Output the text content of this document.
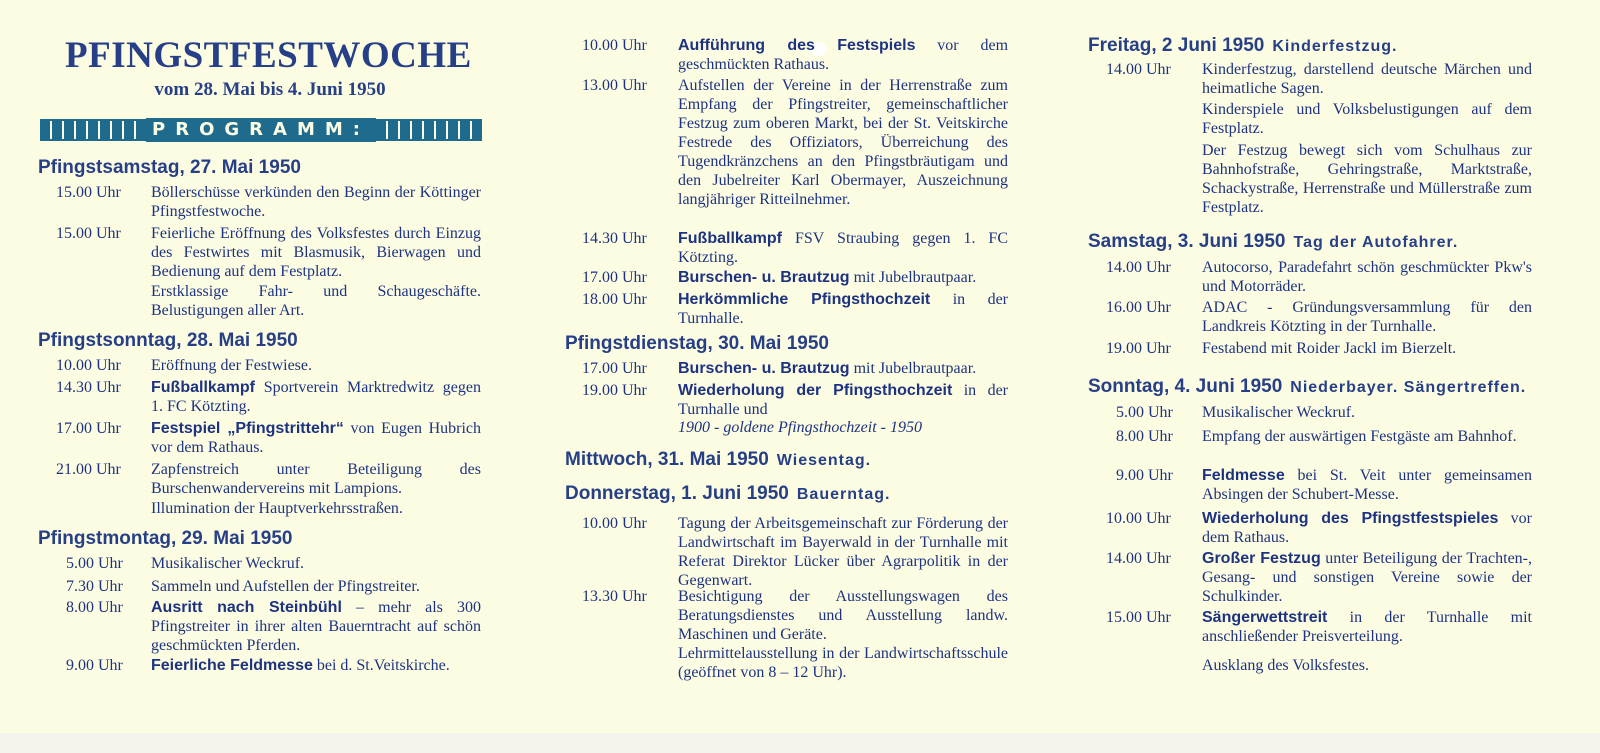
PFINGSTFESTWOCHE
vom 28. Mai bis 4. Juni 1950
PROGRAMM:
Pfingstsamstag, 27. Mai 1950
15.00 Uhr Böllerschüsse verkünden den Beginn der Köttinger Pfingstfestwoche.
15.00 Uhr Feierliche Eröffnung des Volksfestes durch Einzug des Festwirtes mit Blasmusik, Bierwagen und Bedienung auf dem Festplatz.
Erstklassige Fahr- und Schaugeschäfte. Belustigungen aller Art.
Pfingstsonntag, 28. Mai 1950
10.00 Uhr Eröffnung der Festwiese.
14.30 Uhr Fußballkampf Sportverein Marktredwitz gegen 1. FC Kötzting.
17.00 Uhr Festspiel „Pfingstrittehr“ von Eugen Hubrich vor dem Rathaus.
21.00 Uhr Zapfenstreich unter Beteiligung des Burschenwandervereins mit Lampions.
Illumination der Hauptverkehrsstraßen.
Pfingstmontag, 29. Mai 1950
5.00 Uhr Musikalischer Weckruf.
7.30 Uhr Sammeln und Aufstellen der Pfingstreiter.
8.00 Uhr Ausritt nach Steinbühl – mehr als 300 Pfingstreiter in ihrer alten Bauerntracht auf schön geschmückten Pferden.
9.00 Uhr Feierliche Feldmesse bei d. St.Veitskirche.
10.00 Uhr Aufführung des Festspiels vor dem geschmückten Rathaus.
13.00 Uhr Aufstellen der Vereine in der Herrenstraße zum Empfang der Pfingstreiter, gemeinschaftlicher Festzug zum oberen Markt, bei der St. Veitskirche Festrede des Offiziators, Überreichung des Tugendkränzchens an den Pfingstbräutigam und den Jubelreiter Karl Obermayer, Auszeichnung langjähriger Ritteilnehmer.
14.30 Uhr Fußballkampf FSV Straubing gegen 1. FC Kötzting.
17.00 Uhr Burschen- u. Brautzug mit Jubelbrautpaar.
18.00 Uhr Herkömmliche Pfingsthochzeit in der Turnhalle.
Pfingstdienstag, 30. Mai 1950
17.00 Uhr Burschen- u. Brautzug mit Jubelbrautpaar.
19.00 Uhr Wiederholung der Pfingsthochzeit in der Turnhalle und
1900 - goldene Pfingsthochzeit - 1950
Mittwoch, 31. Mai 1950 Wiesentag.
Donnerstag, 1. Juni 1950 Bauerntag.
10.00 Uhr Tagung der Arbeitsgemeinschaft zur Förderung der Landwirtschaft im Bayerwald in der Turnhalle mit Referat Direktor Lücker über Agrarpolitik in der Gegenwart.
13.30 Uhr Besichtigung der Ausstellungswagen des Beratungsdienstes und Ausstellung landw. Maschinen und Geräte.
Lehrmittelausstellung in der Landwirtschaftsschule (geöffnet von 8 – 12 Uhr).
Freitag, 2 Juni 1950 Kinderfestzug.
14.00 Uhr Kinderfestzug, darstellend deutsche Märchen und heimatliche Sagen.
Kinderspiele und Volksbelustigungen auf dem Festplatz.
Der Festzug bewegt sich vom Schulhaus zur Bahnhofstraße, Gehringstraße, Marktstraße, Schackystraße, Herrenstraße und Müllerstraße zum Festplatz.
Samstag, 3. Juni 1950 Tag der Autofahrer.
14.00 Uhr Autocorso, Paradefahrt schön geschmückter Pkw's und Motorräder.
16.00 Uhr ADAC - Gründungsversammlung für den Landkreis Kötzting in der Turnhalle.
19.00 Uhr Festabend mit Roider Jackl im Bierzelt.
Sonntag, 4. Juni 1950 Niederbayer. Sängertreffen.
5.00 Uhr Musikalischer Weckruf.
8.00 Uhr Empfang der auswärtigen Festgäste am Bahnhof.
9.00 Uhr Feldmesse bei St. Veit unter gemeinsamen Absingen der Schubert-Messe.
10.00 Uhr Wiederholung des Pfingstfestspieles vor dem Rathaus.
14.00 Uhr Großer Festzug unter Beteiligung der Trachten-, Gesang- und sonstigen Vereine sowie der Schulkinder.
15.00 Uhr Sängerwettstreit in der Turnhalle mit anschließender Preisverteilung.
Ausklang des Volksfestes.
